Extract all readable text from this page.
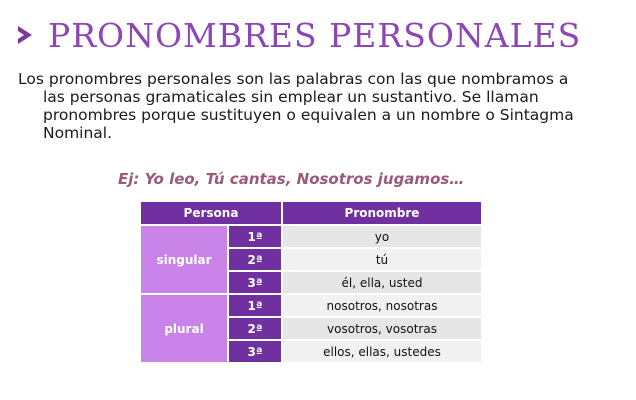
PRONOMBRES PERSONALES

Los pronombres personales son las palabras con las que nombramos a
las personas gramaticales sin emplear un sustantivo. Se llaman
pronombres porque sustituyen o equivalen a un nombre o Sintagma
Nominal.

Ej: Yo leo, Tú cantas, Nosotros jugamos…
Persona		Pronombre
singular	1ª	yo
	2ª	tú
	3ª	él, ella, usted
plural	1ª	nosotros, nosotras
	2ª	vosotros, vosotras
	3ª	ellos, ellas, ustedes
